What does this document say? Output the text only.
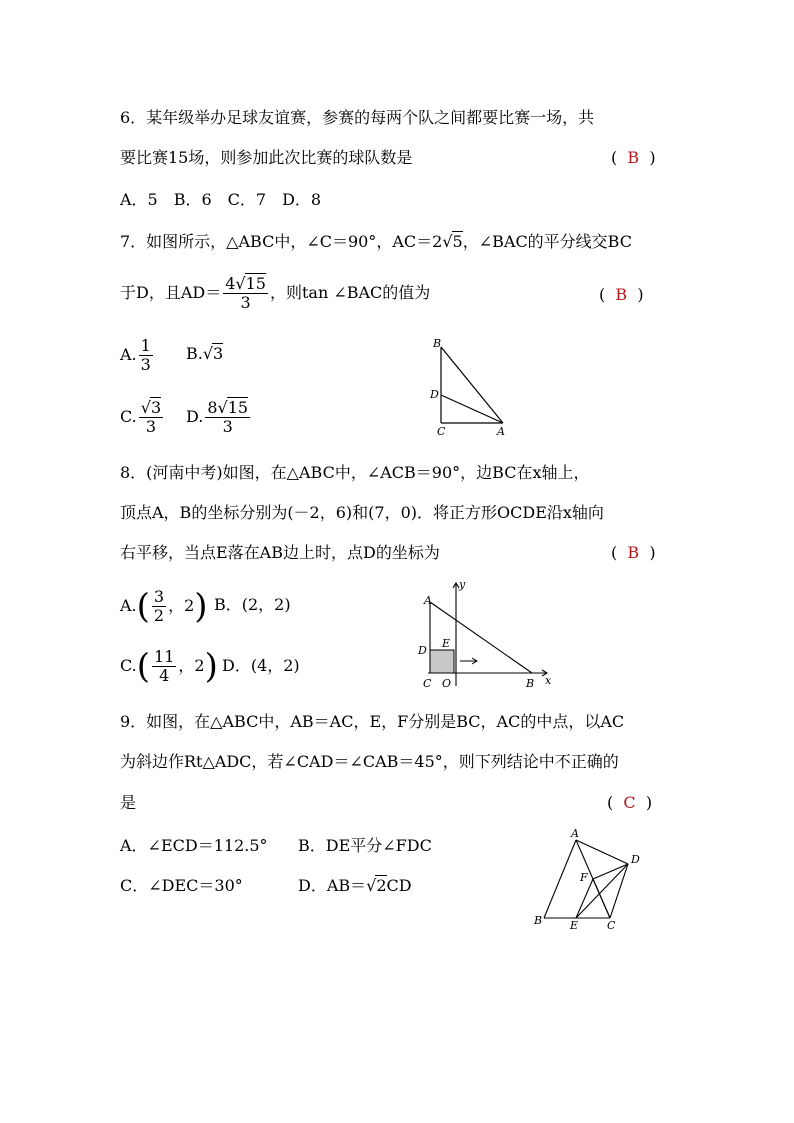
6．某年级举办足球友谊赛，参赛的每两个队之间都要比赛一场，共
要比赛15场，则参加此次比赛的球队数是	(  B  )
A．5　B．6　C．7　D．8
7．如图所示，△ABC中，∠C＝90°，AC＝2√5，∠BAC的平分线交BC
于D，且$AD= \frac{4√15}{3}$ ，则tan ∠BAC的值为	(  B  )
A. $\frac{1}{3} B.√3$
C. $\frac{√3}{3} D$. $\frac{8√15}{3}$
B
D
C	A
8．(河南中考)如图，在△ABC中，∠ACB＝90°，边BC在x轴上，
顶点A，B的坐标分别为(－2，6)和(7，0)．将正方形OCDE沿x轴向
右平移，当点E落在AB边上时，点D的坐标为	(  B  )
$A.( \frac{3}{2}$ ，2) B．(2，2)
$C.( \frac{11}{4}$ ，2) D．(4，2)
y
A
E
D
C O	B x
9．如图，在△ABC中，AB＝AC，E，F分别是BC，AC的中点，以AC
为斜边作Rt△ADC，若∠CAD＝∠CAB＝45°，则下列结论中不正确的
是	(  C  )
A．∠ECD＝112.5° B．DE平分∠FDC
C．∠DEC＝30°	D．AB＝√2CD
A
D
F
B	E	C
